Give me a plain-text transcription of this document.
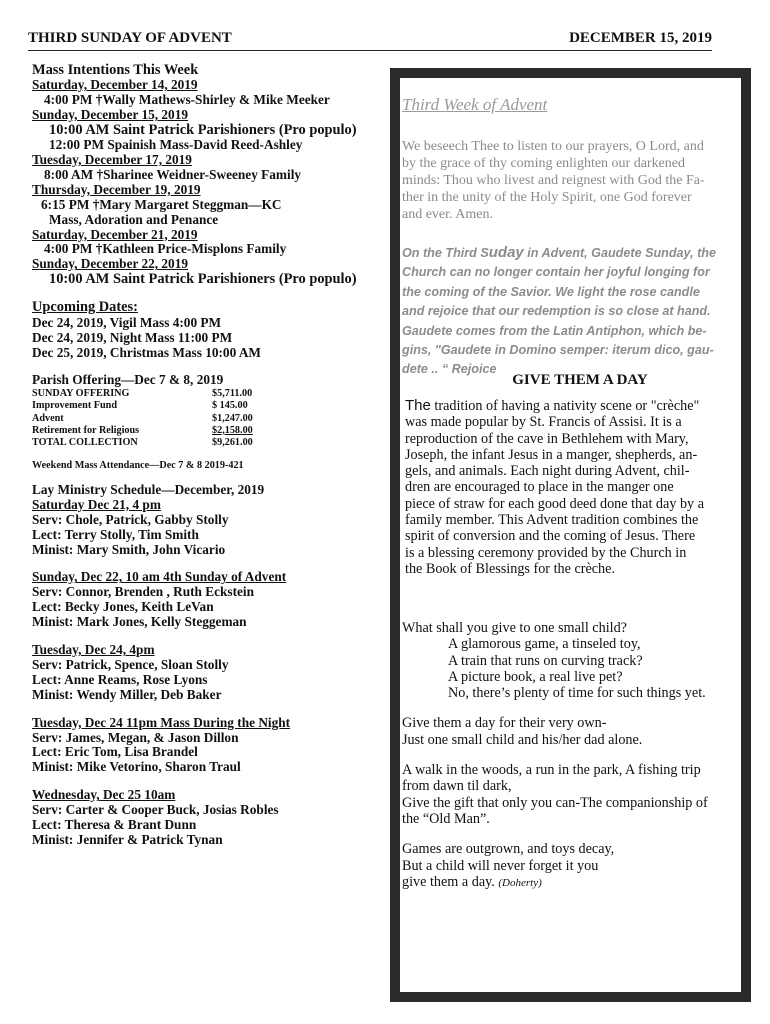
THIRD SUNDAY OF ADVENT	DECEMBER 15, 2019
Mass Intentions This Week
Saturday, December 14, 2019
4:00 PM †Wally Mathews-Shirley & Mike Meeker
Sunday, December 15, 2019
10:00 AM Saint Patrick Parishioners (Pro populo)
12:00 PM Spainish Mass-David Reed-Ashley
Tuesday, December 17, 2019
8:00 AM †Sharinee Weidner-Sweeney Family
Thursday, December 19, 2019
6:15 PM †Mary Margaret Steggman—KC
Mass, Adoration and Penance
Saturday, December 21, 2019
4:00 PM †Kathleen Price-Misplons Family
Sunday, December 22, 2019
10:00 AM Saint Patrick Parishioners (Pro populo)
Upcoming Dates:
Dec 24, 2019, Vigil Mass 4:00 PM
Dec 24, 2019, Night Mass 11:00 PM
Dec 25, 2019, Christmas Mass 10:00 AM
Parish Offering—Dec 7 & 8, 2019
SUNDAY OFFERING	$5,711.00
Improvement Fund	$ 145.00
Advent	$1,247.00
Retirement for Religious	$2,158.00
TOTAL COLLECTION	$9,261.00
Weekend Mass Attendance—Dec 7 & 8 2019-421
Lay Ministry Schedule—December, 2019
Saturday Dec 21, 4 pm
Serv: Chole, Patrick, Gabby Stolly
Lect: Terry Stolly, Tim Smith
Minist: Mary Smith, John Vicario
Sunday, Dec 22, 10 am 4th Sunday of Advent
Serv: Connor, Brenden , Ruth Eckstein
Lect: Becky Jones, Keith LeVan
Minist: Mark Jones, Kelly Steggeman
Tuesday, Dec 24, 4pm
Serv: Patrick, Spence, Sloan Stolly
Lect: Anne Reams, Rose Lyons
Minist: Wendy Miller, Deb Baker
Tuesday, Dec 24 11pm Mass During the Night
Serv: James, Megan, & Jason Dillon
Lect: Eric Tom, Lisa Brandel
Minist: Mike Vetorino, Sharon Traul
Wednesday, Dec 25 10am
Serv: Carter & Cooper Buck, Josias Robles
Lect: Theresa & Brant Dunn
Minist: Jennifer & Patrick Tynan
Third Week of Advent
We beseech Thee to listen to our prayers, O Lord, and
by the grace of thy coming enlighten our darkened
minds: Thou who livest and reignest with God the Fa-
ther in the unity of the Holy Spirit, one God forever
and ever. Amen.
On the Third Suday in Advent, Gaudete Sunday, the
Church can no longer contain her joyful longing for
the coming of the Savior. We light the rose candle
and rejoice that our redemption is so close at hand.
Gaudete comes from the Latin Antiphon, which be-
gins, "Gaudete in Domino semper: iterum dico, gau-
dete .. “ Rejoice
GIVE THEM A DAY
The tradition of having a nativity scene or "crèche"
was made popular by St. Francis of Assisi. It is a
reproduction of the cave in Bethlehem with Mary,
Joseph, the infant Jesus in a manger, shepherds, an-
gels, and animals. Each night during Advent, chil-
dren are encouraged to place in the manger one
piece of straw for each good deed done that day by a
family member. This Advent tradition combines the
spirit of conversion and the coming of Jesus. There
is a blessing ceremony provided by the Church in
the Book of Blessings for the crèche.
What shall you give to one small child?
A glamorous game, a tinseled toy,
A train that runs on curving track?
A picture book, a real live pet?
No, there’s plenty of time for such things yet.
Give them a day for their very own-
Just one small child and his/her dad alone.
A walk in the woods, a run in the park, A fishing trip
from dawn til dark,
Give the gift that only you can-The companionship of
the “Old Man”.
Games are outgrown, and toys decay,
But a child will never forget it you
give them a day. (Doherty)
